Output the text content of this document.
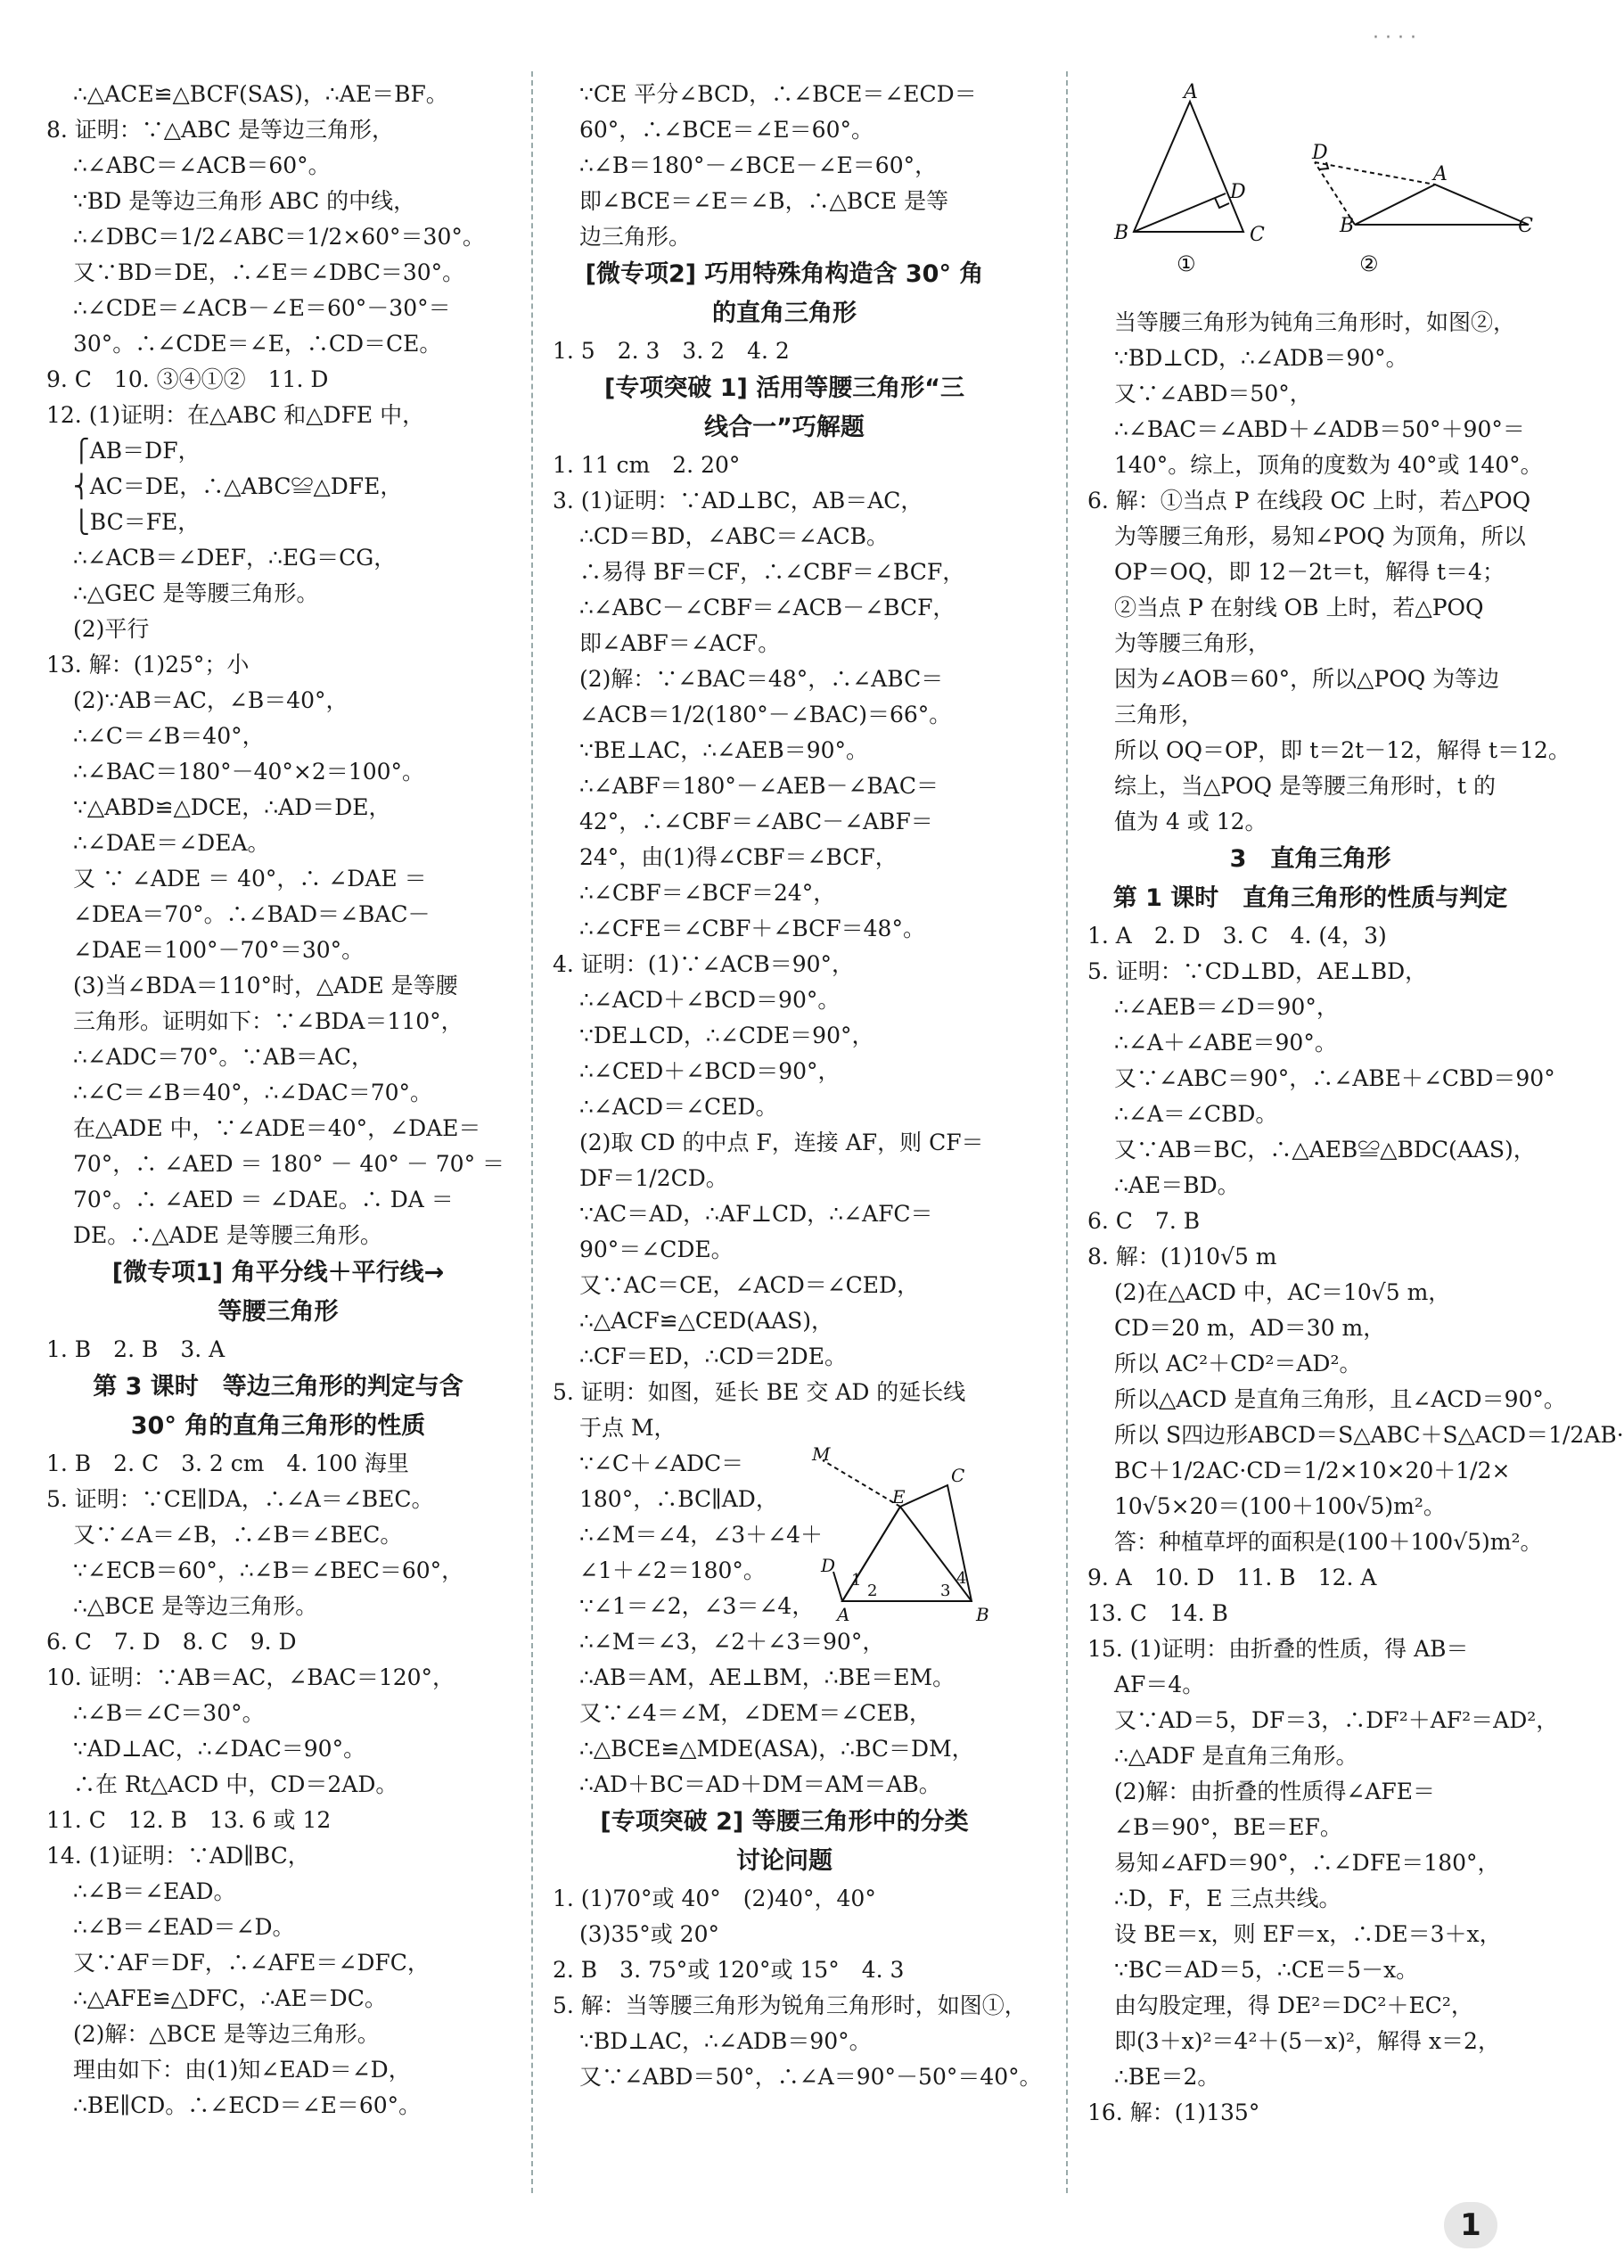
∴△ACE≌△BCF(SAS)，∴AE＝BF。
8. 证明：∵△ABC 是等边三角形，
∴∠ABC＝∠ACB＝60°。
∵BD 是等边三角形 ABC 的中线，
∴∠DBC＝1/2∠ABC＝1/2×60°＝30°。
又∵BD＝DE，∴∠E＝∠DBC＝30°。
∴∠CDE＝∠ACB－∠E＝60°－30°＝
30°。∴∠CDE＝∠E，∴CD＝CE。
9. C　10. ③④①②　11. D
12. (1)证明：在△ABC 和△DFE 中，
⎧AB＝DF，
⎨AC＝DE，∴△ABC≌△DFE，
⎩BC＝FE，
∴∠ACB＝∠DEF，∴EG＝CG，
∴△GEC 是等腰三角形。
(2)平行
13. 解：(1)25°；小
(2)∵AB＝AC，∠B＝40°，
∴∠C＝∠B＝40°，
∴∠BAC＝180°－40°×2＝100°。
∵△ABD≌△DCE，∴AD＝DE，
∴∠DAE＝∠DEA。
又 ∵ ∠ADE ＝ 40°，∴ ∠DAE ＝
∠DEA＝70°。∴∠BAD＝∠BAC－
∠DAE＝100°－70°＝30°。
(3)当∠BDA＝110°时，△ADE 是等腰
三角形。证明如下：∵∠BDA＝110°，
∴∠ADC＝70°。∵AB＝AC，
∴∠C＝∠B＝40°，∴∠DAC＝70°。
在△ADE 中，∵∠ADE＝40°，∠DAE＝
70°，∴ ∠AED ＝ 180° － 40° － 70° ＝
70°。∴ ∠AED ＝ ∠DAE。∴ DA ＝
DE。∴△ADE 是等腰三角形。
[微专项1] 角平分线＋平行线→
等腰三角形
1. B　2. B　3. A
第 3 课时　等边三角形的判定与含
30° 角的直角三角形的性质
1. B　2. C　3. 2 cm　4. 100 海里
5. 证明：∵CE∥DA，∴∠A＝∠BEC。
又∵∠A＝∠B，∴∠B＝∠BEC。
∵∠ECB＝60°，∴∠B＝∠BEC＝60°，
∴△BCE 是等边三角形。
6. C　7. D　8. C　9. D
10. 证明：∵AB＝AC，∠BAC＝120°，
∴∠B＝∠C＝30°。
∵AD⊥AC，∴∠DAC＝90°。
∴在 Rt△ACD 中，CD＝2AD。
11. C　12. B　13. 6 或 12
14. (1)证明：∵AD∥BC，
∴∠B＝∠EAD。
∴∠B＝∠EAD＝∠D。
又∵AF＝DF，∴∠AFE＝∠DFC，
∴△AFE≌△DFC，∴AE＝DC。
(2)解：△BCE 是等边三角形。
理由如下：由(1)知∠EAD＝∠D，
∴BE∥CD。∴∠ECD＝∠E＝60°。
∵CE 平分∠BCD，∴∠BCE＝∠ECD＝
60°，∴∠BCE＝∠E＝60°。
∴∠B＝180°－∠BCE－∠E＝60°，
即∠BCE＝∠E＝∠B，∴△BCE 是等
边三角形。
[微专项2] 巧用特殊角构造含 30° 角
的直角三角形
1. 5　2. 3　3. 2　4. 2
[专项突破 1] 活用等腰三角形“三
线合一”巧解题
1. 11 cm　2. 20°
3. (1)证明：∵AD⊥BC，AB＝AC，
∴CD＝BD，∠ABC＝∠ACB。
∴易得 BF＝CF，∴∠CBF＝∠BCF，
∴∠ABC－∠CBF＝∠ACB－∠BCF，
即∠ABF＝∠ACF。
(2)解：∵∠BAC＝48°，∴∠ABC＝
∠ACB＝1/2(180°－∠BAC)＝66°。
∵BE⊥AC，∴∠AEB＝90°。
∴∠ABF＝180°－∠AEB－∠BAC＝
42°，∴∠CBF＝∠ABC－∠ABF＝
24°，由(1)得∠CBF＝∠BCF，
∴∠CBF＝∠BCF＝24°，
∴∠CFE＝∠CBF＋∠BCF＝48°。
4. 证明：(1)∵∠ACB＝90°，
∴∠ACD＋∠BCD＝90°。
∵DE⊥CD，∴∠CDE＝90°，
∴∠CED＋∠BCD＝90°，
∴∠ACD＝∠CED。
(2)取 CD 的中点 F，连接 AF，则 CF＝
DF＝1/2CD。
∵AC＝AD，∴AF⊥CD，∴∠AFC＝
90°＝∠CDE。
又∵AC＝CE，∠ACD＝∠CED，
∴△ACF≌△CED(AAS)，
∴CF＝ED，∴CD＝2DE。
5. 证明：如图，延长 BE 交 AD 的延长线
于点 M，
M
C
E
D
A	B
1
2	3
4
∵∠C＋∠ADC＝
180°，∴BC∥AD，
∴∠M＝∠4，∠3＋∠4＋
∠1＋∠2＝180°。
∵∠1＝∠2，∠3＝∠4，
∴∠M＝∠3，∠2＋∠3＝90°，
∴AB＝AM，AE⊥BM，∴BE＝EM。
又∵∠4＝∠M，∠DEM＝∠CEB，
∴△BCE≌△MDE(ASA)，∴BC＝DM，
∴AD＋BC＝AD＋DM＝AM＝AB。
[专项突破 2] 等腰三角形中的分类
讨论问题
1. (1)70°或 40°　(2)40°，40°
(3)35°或 20°
2. B　3. 75°或 120°或 15°　4. 3
5. 解：当等腰三角形为锐角三角形时，如图①，
∵BD⊥AC，∴∠ADB＝90°。
又∵∠ABD＝50°，∴∠A＝90°－50°＝40°。
A
B	C
D
A
B	C
D
①	②
当等腰三角形为钝角三角形时，如图②，
∵BD⊥CD，∴∠ADB＝90°。
又∵∠ABD＝50°，
∴∠BAC＝∠ABD＋∠ADB＝50°＋90°＝
140°。综上，顶角的度数为 40°或 140°。
6. 解：①当点 P 在线段 OC 上时，若△POQ
为等腰三角形，易知∠POQ 为顶角，所以
OP＝OQ，即 12－2t＝t，解得 t＝4；
②当点 P 在射线 OB 上时，若△POQ
为等腰三角形，
因为∠AOB＝60°，所以△POQ 为等边
三角形，
所以 OQ＝OP，即 t＝2t－12，解得 t＝12。
综上，当△POQ 是等腰三角形时，t 的
值为 4 或 12。
3　直角三角形
第 1 课时　直角三角形的性质与判定
1. A　2. D　3. C　4. (4，3)
5. 证明：∵CD⊥BD，AE⊥BD，
∴∠AEB＝∠D＝90°，
∴∠A＋∠ABE＝90°。
又∵∠ABC＝90°，∴∠ABE＋∠CBD＝90°
∴∠A＝∠CBD。
又∵AB＝BC，∴△AEB≌△BDC(AAS)，
∴AE＝BD。
6. C　7. B
8. 解：(1)10√5 m
(2)在△ACD 中，AC＝10√5 m，
CD＝20 m，AD＝30 m，
所以 AC²＋CD²＝AD²。
所以△ACD 是直角三角形，且∠ACD＝90°。
所以 S四边形ABCD＝S△ABC＋S△ACD＝1/2AB·
BC＋1/2AC·CD＝1/2×10×20＋1/2×
10√5×20＝(100＋100√5)m²。
答：种植草坪的面积是(100＋100√5)m²。
9. A　10. D　11. B　12. A
13. C　14. B
15. (1)证明：由折叠的性质，得 AB＝
AF＝4。
又∵AD＝5，DF＝3，∴DF²＋AF²＝AD²，
∴△ADF 是直角三角形。
(2)解：由折叠的性质得∠AFE＝
∠B＝90°，BE＝EF。
易知∠AFD＝90°，∴∠DFE＝180°，
∴D，F，E 三点共线。
设 BE＝x，则 EF＝x，∴DE＝3＋x，
∵BC＝AD＝5，∴CE＝5－x。
由勾股定理，得 DE²＝DC²＋EC²，
即(3＋x)²＝4²＋(5－x)²，解得 x＝2，
∴BE＝2。
16. 解：(1)135°
· · · ·
1
